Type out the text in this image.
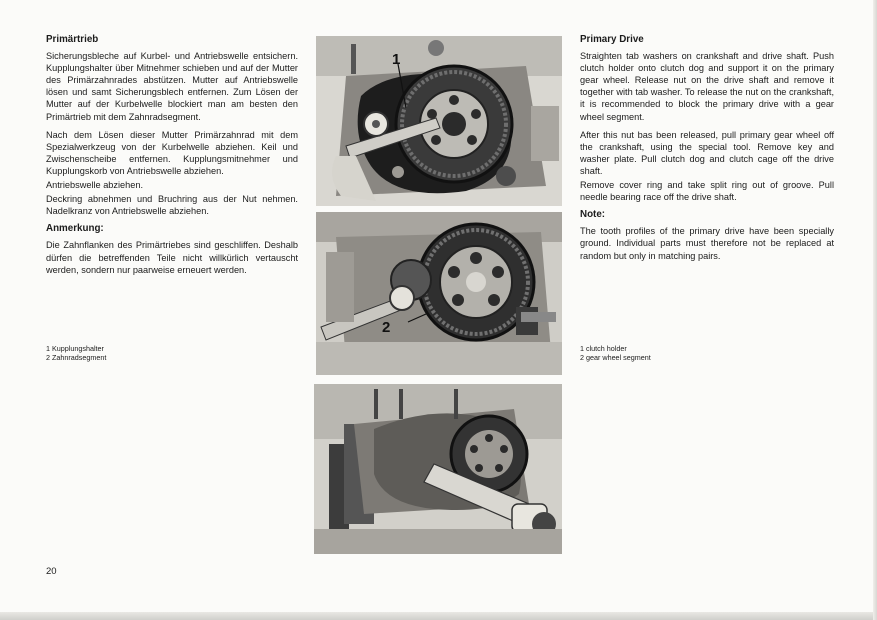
Primärtrieb

Sicherungsbleche auf Kurbel- und Antriebswelle entsichern. Kupplungshalter über Mitnehmer schieben und auf der Mutter des Primärzahnrades abstützen. Mutter auf Antriebswelle lösen und samt Sicherungsblech entfernen. Zum Lösen der Mutter auf der Kurbelwelle blockiert man am besten den Primärtrieb mit dem Zahnradsegment.

Nach dem Lösen dieser Mutter Primärzahnrad mit dem Spezialwerkzeug von der Kurbelwelle abziehen. Keil und Zwischenscheibe entfernen. Kupplungsmitnehmer und Kupplungskorb von Antriebswelle abziehen.

Antriebswelle abziehen.

Deckring abnehmen und Bruchring aus der Nut nehmen. Nadelkranz von Antriebswelle abziehen.

Anmerkung:

Die Zahnflanken des Primärtriebes sind geschliffen. Deshalb dürfen die betreffenden Teile nicht willkürlich vertauscht werden, sondern nur paarweise erneuert werden.

1 Kupplungshalter
2 Zahnradsegment
20
1
2
Primary Drive

Straighten tab washers on crankshaft and drive shaft. Push clutch holder onto clutch dog and support it on the primary gear wheel. Release nut on the drive shaft and remove it together with tab washer. To release the nut on the crankshaft, it is recommended to block the primary drive with a gear wheel segment.

After this nut bas been released, pull primary gear wheel off the crankshaft, using the special tool. Remove key and washer plate. Pull clutch dog and clutch cage off the drive shaft.

Remove cover ring and take split ring out of groove. Pull needle bearing race off the drive shaft.

Note:

The tooth profiles of the primary drive have been specially ground. Individual parts must therefore not be replaced at random but only in matching pairs.

1 clutch holder
2 gear wheel segment
